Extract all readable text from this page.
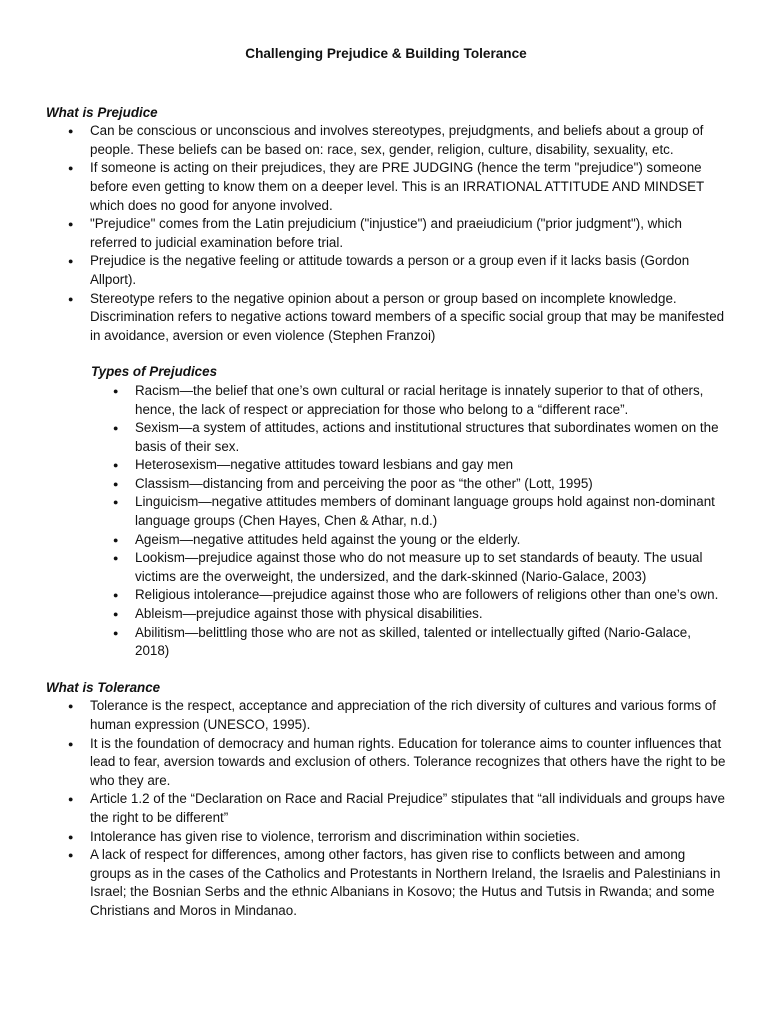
Challenging Prejudice & Building Tolerance
What is Prejudice
● Can be conscious or unconscious and involves stereotypes, prejudgments, and beliefs about a group of people. These beliefs can be based on: race, sex, gender, religion, culture, disability, sexuality, etc.
● If someone is acting on their prejudices, they are PRE JUDGING (hence the term "prejudice") someone before even getting to know them on a deeper level. This is an IRRATIONAL ATTITUDE AND MINDSET which does no good for anyone involved.
● "Prejudice" comes from the Latin prejudicium ("injustice") and praeiudicium ("prior judgment"), which referred to judicial examination before trial.
● Prejudice is the negative feeling or attitude towards a person or a group even if it lacks basis (Gordon Allport).
● Stereotype refers to the negative opinion about a person or group based on incomplete knowledge. Discrimination refers to negative actions toward members of a specific social group that may be manifested in avoidance, aversion or even violence (Stephen Franzoi)
Types of Prejudices
● Racism—the belief that one’s own cultural or racial heritage is innately superior to that of others, hence, the lack of respect or appreciation for those who belong to a “different race”.
● Sexism—a system of attitudes, actions and institutional structures that subordinates women on the basis of their sex.
● Heterosexism—negative attitudes toward lesbians and gay men
● Classism—distancing from and perceiving the poor as “the other” (Lott, 1995)
● Linguicism—negative attitudes members of dominant language groups hold against non-dominant language groups (Chen Hayes, Chen & Athar, n.d.)
● Ageism—negative attitudes held against the young or the elderly.
● Lookism—prejudice against those who do not measure up to set standards of beauty. The usual victims are the overweight, the undersized, and the dark-skinned (Nario-Galace, 2003)
● Religious intolerance—prejudice against those who are followers of religions other than one’s own.
● Ableism—prejudice against those with physical disabilities.
● Abilitism—belittling those who are not as skilled, talented or intellectually gifted (Nario-Galace, 2018)
What is Tolerance
● Tolerance is the respect, acceptance and appreciation of the rich diversity of cultures and various forms of human expression (UNESCO, 1995).
● It is the foundation of democracy and human rights. Education for tolerance aims to counter influences that lead to fear, aversion towards and exclusion of others. Tolerance recognizes that others have the right to be who they are.
● Article 1.2 of the “Declaration on Race and Racial Prejudice” stipulates that “all individuals and groups have the right to be different”
● Intolerance has given rise to violence, terrorism and discrimination within societies.
● A lack of respect for differences, among other factors, has given rise to conflicts between and among groups as in the cases of the Catholics and Protestants in Northern Ireland, the Israelis and Palestinians in Israel; the Bosnian Serbs and the ethnic Albanians in Kosovo; the Hutus and Tutsis in Rwanda; and some Christians and Moros in Mindanao.
